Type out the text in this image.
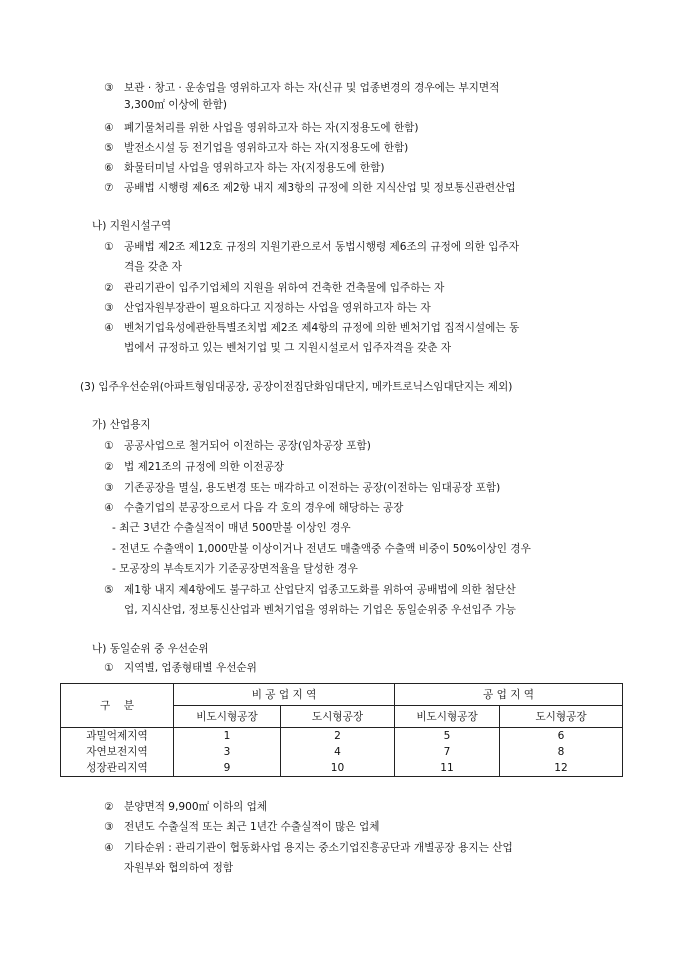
③ 보관 · 창고 · 운송업을 영위하고자 하는 자(신규 및 업종변경의 경우에는 부지면적
3,300㎡ 이상에 한함)
④ 폐기물처리를 위한 사업을 영위하고자 하는 자(지정용도에 한함)
⑤ 발전소시설 등 전기업을 영위하고자 하는 자(지정용도에 한함)
⑥ 화물터미널 사업을 영위하고자 하는 자(지정용도에 한함)
⑦ 공배법 시행령 제6조 제2항 내지 제3항의 규정에 의한 지식산업 및 정보통신관련산업
나) 지원시설구역
① 공배법 제2조 제12호 규정의 지원기관으로서 동법시행령 제6조의 규정에 의한 입주자
격을 갖춘 자
② 관리기관이 입주기업체의 지원을 위하여 건축한 건축물에 입주하는 자
③ 산업자원부장관이 필요하다고 지정하는 사업을 영위하고자 하는 자
④ 벤처기업육성에관한특별조치법 제2조 제4항의 규정에 의한 벤처기업 집적시설에는 동
법에서 규정하고 있는 벤처기업 및 그 지원시설로서 입주자격을 갖춘 자
(3) 입주우선순위(아파트형임대공장, 공장이전집단화임대단지, 메카트로닉스임대단지는 제외)
가) 산업용지
① 공공사업으로 철거되어 이전하는 공장(임차공장 포함)
② 법 제21조의 규정에 의한 이전공장
③ 기존공장을 멸실, 용도변경 또는 매각하고 이전하는 공장(이전하는 임대공장 포함)
④ 수출기업의 분공장으로서 다음 각 호의 경우에 해당하는 공장
- 최근 3년간 수출실적이 매년 500만불 이상인 경우
- 전년도 수출액이 1,000만불 이상이거나 전년도 매출액중 수출액 비중이 50%이상인 경우
- 모공장의 부속토지가 기준공장면적율을 달성한 경우
⑤ 제1항 내지 제4항에도 불구하고 산업단지 업종고도화를 위하여 공배법에 의한 첨단산
업, 지식산업, 정보통신산업과 벤처기업을 영위하는 기업은 동일순위중 우선입주 가능
나) 동일순위 중 우선순위
① 지역별, 업종형태별 우선순위
구    분	비 공 업 지 역		공 업 지 역	
	비도시형공장	도시형공장	비도시형공장	도시형공장
과밀억제지역	1	2	5	6
자연보전지역	3	4	7	8
성장관리지역	9	10	11	12
② 분양면적 9,900㎡ 이하의 업체
③ 전년도 수출실적 또는 최근 1년간 수출실적이 많은 업체
④ 기타순위 : 관리기관이 협동화사업 용지는 중소기업진흥공단과 개별공장 용지는 산업
자원부와 협의하여 정함
